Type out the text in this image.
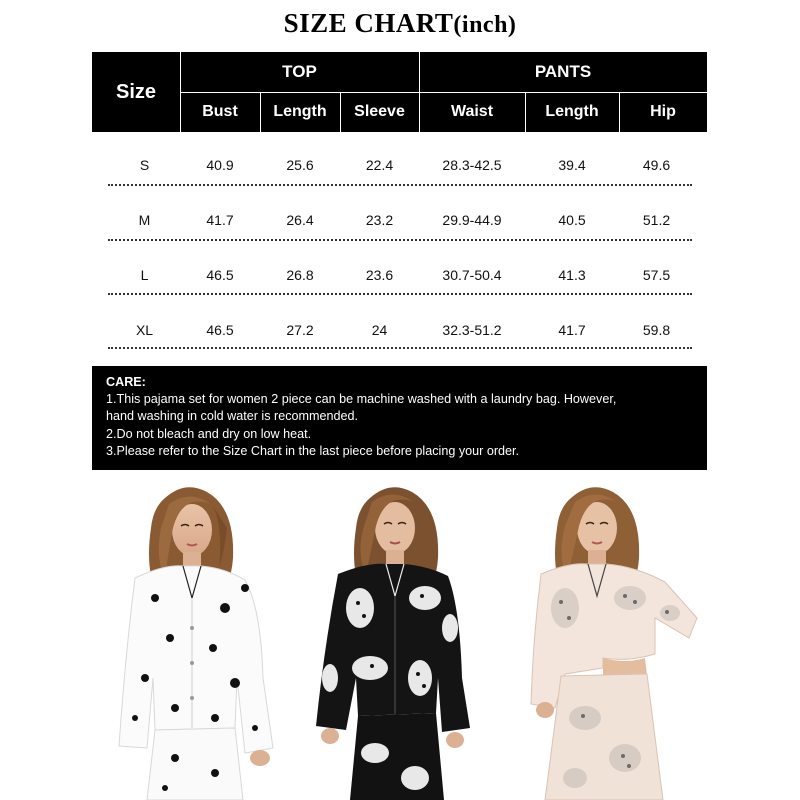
SIZE CHART(inch)
Size
TOP	PANTS
Bust	Length	Sleeve	Waist	Length	Hip
S	40.9	25.6	22.4	28.3-42.5	39.4	49.6
M	41.7	26.4	23.2	29.9-44.9	40.5	51.2
L	46.5	26.8	23.6	30.7-50.4	41.3	57.5
XL	46.5	27.2	24	32.3-51.2	41.7	59.8
CARE:
1.This pajama set for women 2 piece can be machine washed with a laundry bag. However,
hand washing in cold water is recommended.
2.Do not bleach and dry on low heat.
3.Please refer to the Size Chart in the last piece before placing your order.
